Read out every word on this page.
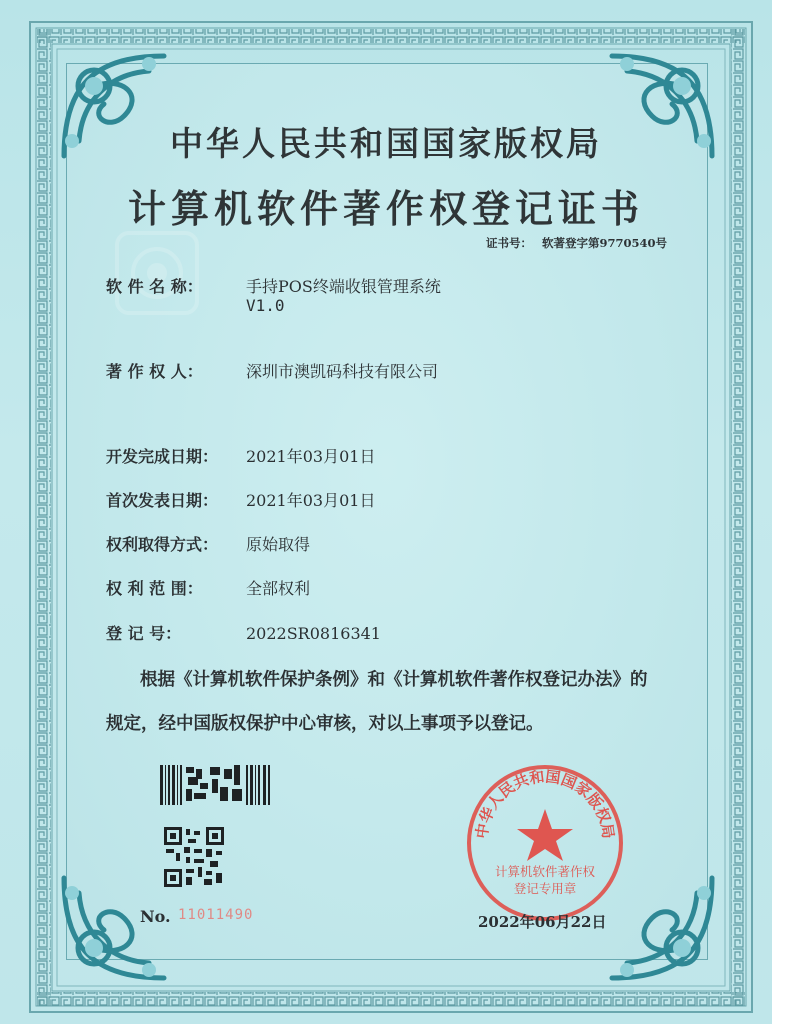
中华人民共和国国家版权局
计算机软件著作权登记证书
证书号： 软著登字第9770540号
软 件 名 称：	手持POS终端收银管理系统
V1.0
著 作 权 人：	深圳市澳凯码科技有限公司
开发完成日期： 2021年03月01日
首次发表日期： 2021年03月01日
权利取得方式： 原始取得
权 利 范 围：	全部权利
登 记 号：	2022SR0816341
根据《计算机软件保护条例》和《计算机软件著作权登记办法》的
规定，经中国版权保护中心审核，对以上事项予以登记。
No. 11011490
中华人民共和国国家版权局
计算机软件著作权
登记专用章
2022年06月22日
